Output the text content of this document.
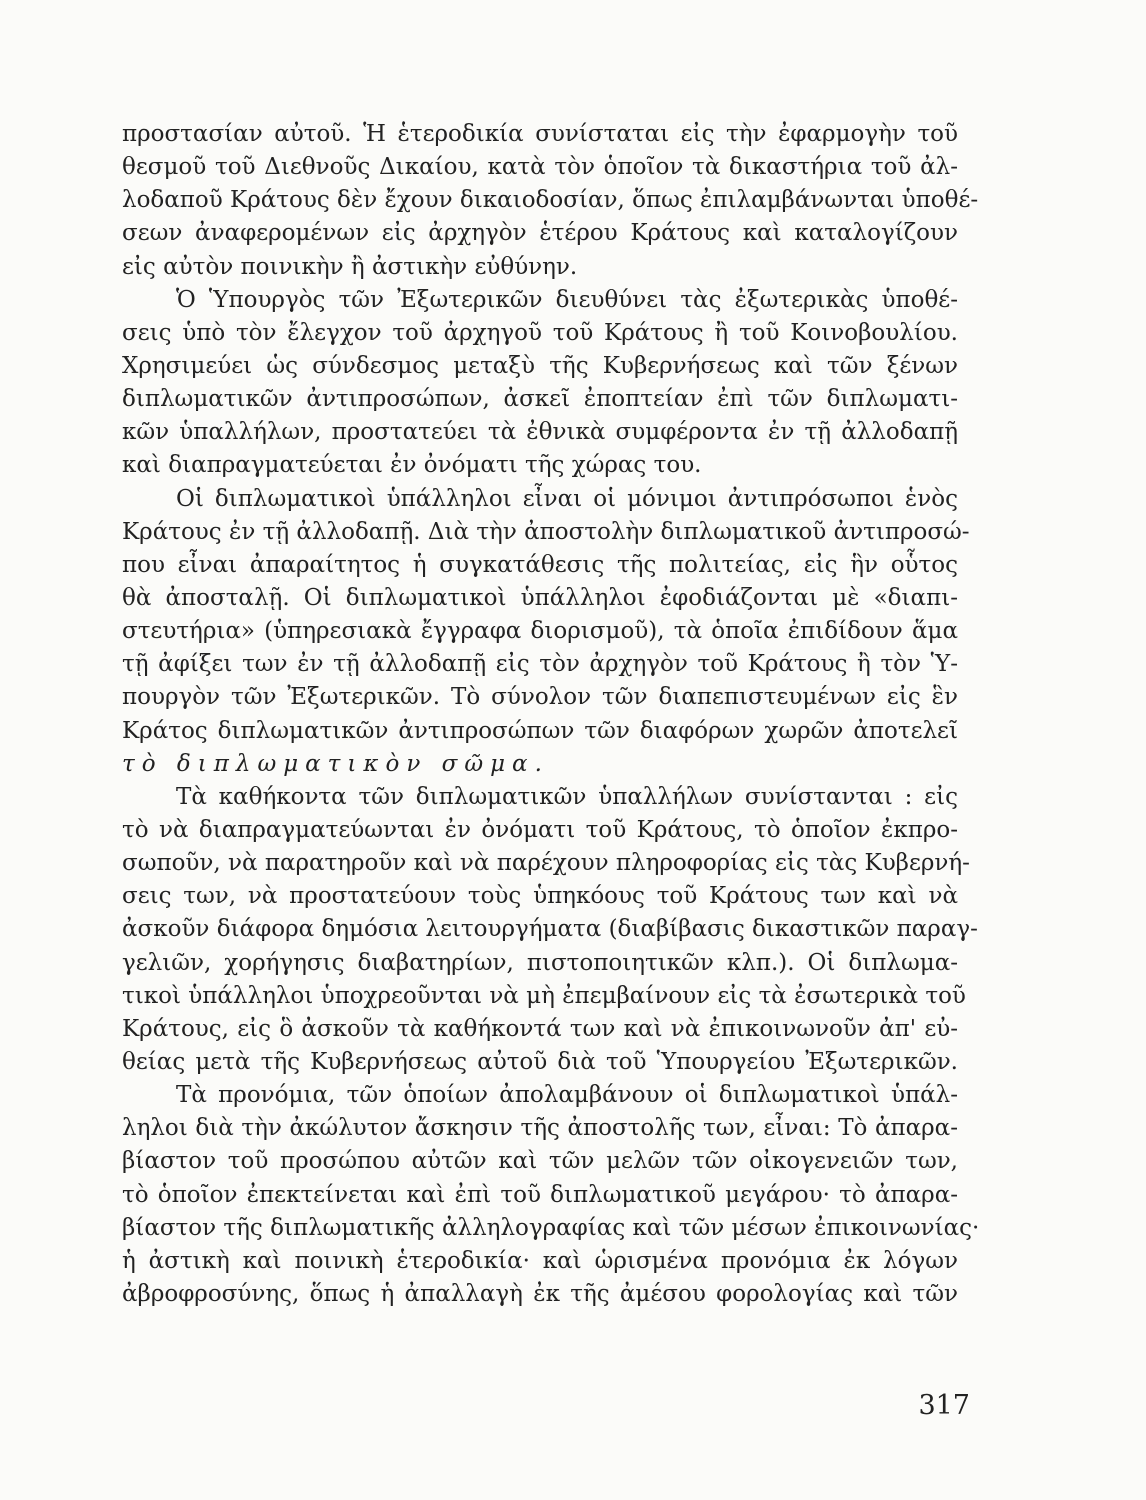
προστασίαν αὐτοῦ. Ἡ ἑτεροδικία συνίσταται εἰς τὴν ἐφαρμογὴν τοῦ
θεσμοῦ τοῦ Διεθνοῦς Δικαίου, κατὰ τὸν ὁποῖον τὰ δικαστήρια τοῦ ἀλ-
λοδαποῦ Κράτους δὲν ἔχουν δικαιοδοσίαν, ὅπως ἐπιλαμβάνωνται ὑποθέ-
σεων ἀναφερομένων εἰς ἀρχηγὸν ἑτέρου Κράτους καὶ καταλογίζουν
εἰς αὐτὸν ποινικὴν ἢ ἀστικὴν εὐθύνην.
Ὁ Ὑπουργὸς τῶν Ἐξωτερικῶν διευθύνει τὰς ἐξωτερικὰς ὑποθέ-
σεις ὑπὸ τὸν ἔλεγχον τοῦ ἀρχηγοῦ τοῦ Κράτους ἢ τοῦ Κοινοβουλίου.
Χρησιμεύει ὡς σύνδεσμος μεταξὺ τῆς Κυβερνήσεως καὶ τῶν ξένων
διπλωματικῶν ἀντιπροσώπων, ἀσκεῖ ἐποπτείαν ἐπὶ τῶν διπλωματι-
κῶν ὑπαλλήλων, προστατεύει τὰ ἐθνικὰ συμφέροντα ἐν τῇ ἀλλοδαπῇ
καὶ διαπραγματεύεται ἐν ὀνόματι τῆς χώρας του.
Οἱ διπλωματικοὶ ὑπάλληλοι εἶναι οἱ μόνιμοι ἀντιπρόσωποι ἑνὸς
Κράτους ἐν τῇ ἀλλοδαπῇ. Διὰ τὴν ἀποστολὴν διπλωματικοῦ ἀντιπροσώ-
που εἶναι ἀπαραίτητος ἡ συγκατάθεσις τῆς πολιτείας, εἰς ἣν οὗτος
θὰ ἀποσταλῇ. Οἱ διπλωματικοὶ ὑπάλληλοι ἐφοδιάζονται μὲ «διαπι-
στευτήρια» (ὑπηρεσιακὰ ἔγγραφα διορισμοῦ), τὰ ὁποῖα ἐπιδίδουν ἅμα
τῇ ἀφίξει των ἐν τῇ ἀλλοδαπῇ εἰς τὸν ἀρχηγὸν τοῦ Κράτους ἢ τὸν Ὑ-
πουργὸν τῶν Ἐξωτερικῶν. Τὸ σύνολον τῶν διαπεπιστευμένων εἰς ἓν
Κράτος διπλωματικῶν ἀντιπροσώπων τῶν διαφόρων χωρῶν ἀποτελεῖ
τὸ διπλωματικὸν σῶμα.
Τὰ καθήκοντα τῶν διπλωματικῶν ὑπαλλήλων συνίστανται : εἰς
τὸ νὰ διαπραγματεύωνται ἐν ὀνόματι τοῦ Κράτους, τὸ ὁποῖον ἐκπρο-
σωποῦν, νὰ παρατηροῦν καὶ νὰ παρέχουν πληροφορίας εἰς τὰς Κυβερνή-
σεις των, νὰ προστατεύουν τοὺς ὑπηκόους τοῦ Κράτους των καὶ νὰ
ἀσκοῦν διάφορα δημόσια λειτουργήματα (διαβίβασις δικαστικῶν παραγ-
γελιῶν, χορήγησις διαβατηρίων, πιστοποιητικῶν κλπ.). Οἱ διπλωμα-
τικοὶ ὑπάλληλοι ὑποχρεοῦνται νὰ μὴ ἐπεμβαίνουν εἰς τὰ ἐσωτερικὰ τοῦ
Κράτους, εἰς ὃ ἀσκοῦν τὰ καθήκοντά των καὶ νὰ ἐπικοινωνοῦν ἀπ' εὐ-
θείας μετὰ τῆς Κυβερνήσεως αὐτοῦ διὰ τοῦ Ὑπουργείου Ἐξωτερικῶν.
Τὰ προνόμια, τῶν ὁποίων ἀπολαμβάνουν οἱ διπλωματικοὶ ὑπάλ-
ληλοι διὰ τὴν ἀκώλυτον ἄσκησιν τῆς ἀποστολῆς των, εἶναι: Τὸ ἀπαρα-
βίαστον τοῦ προσώπου αὐτῶν καὶ τῶν μελῶν τῶν οἰκογενειῶν των,
τὸ ὁποῖον ἐπεκτείνεται καὶ ἐπὶ τοῦ διπλωματικοῦ μεγάρου· τὸ ἀπαρα-
βίαστον τῆς διπλωματικῆς ἀλληλογραφίας καὶ τῶν μέσων ἐπικοινωνίας·
ἡ ἀστικὴ καὶ ποινικὴ ἑτεροδικία· καὶ ὡρισμένα προνόμια ἐκ λόγων
ἀβροφροσύνης, ὅπως ἡ ἀπαλλαγὴ ἐκ τῆς ἀμέσου φορολογίας καὶ τῶν
317
